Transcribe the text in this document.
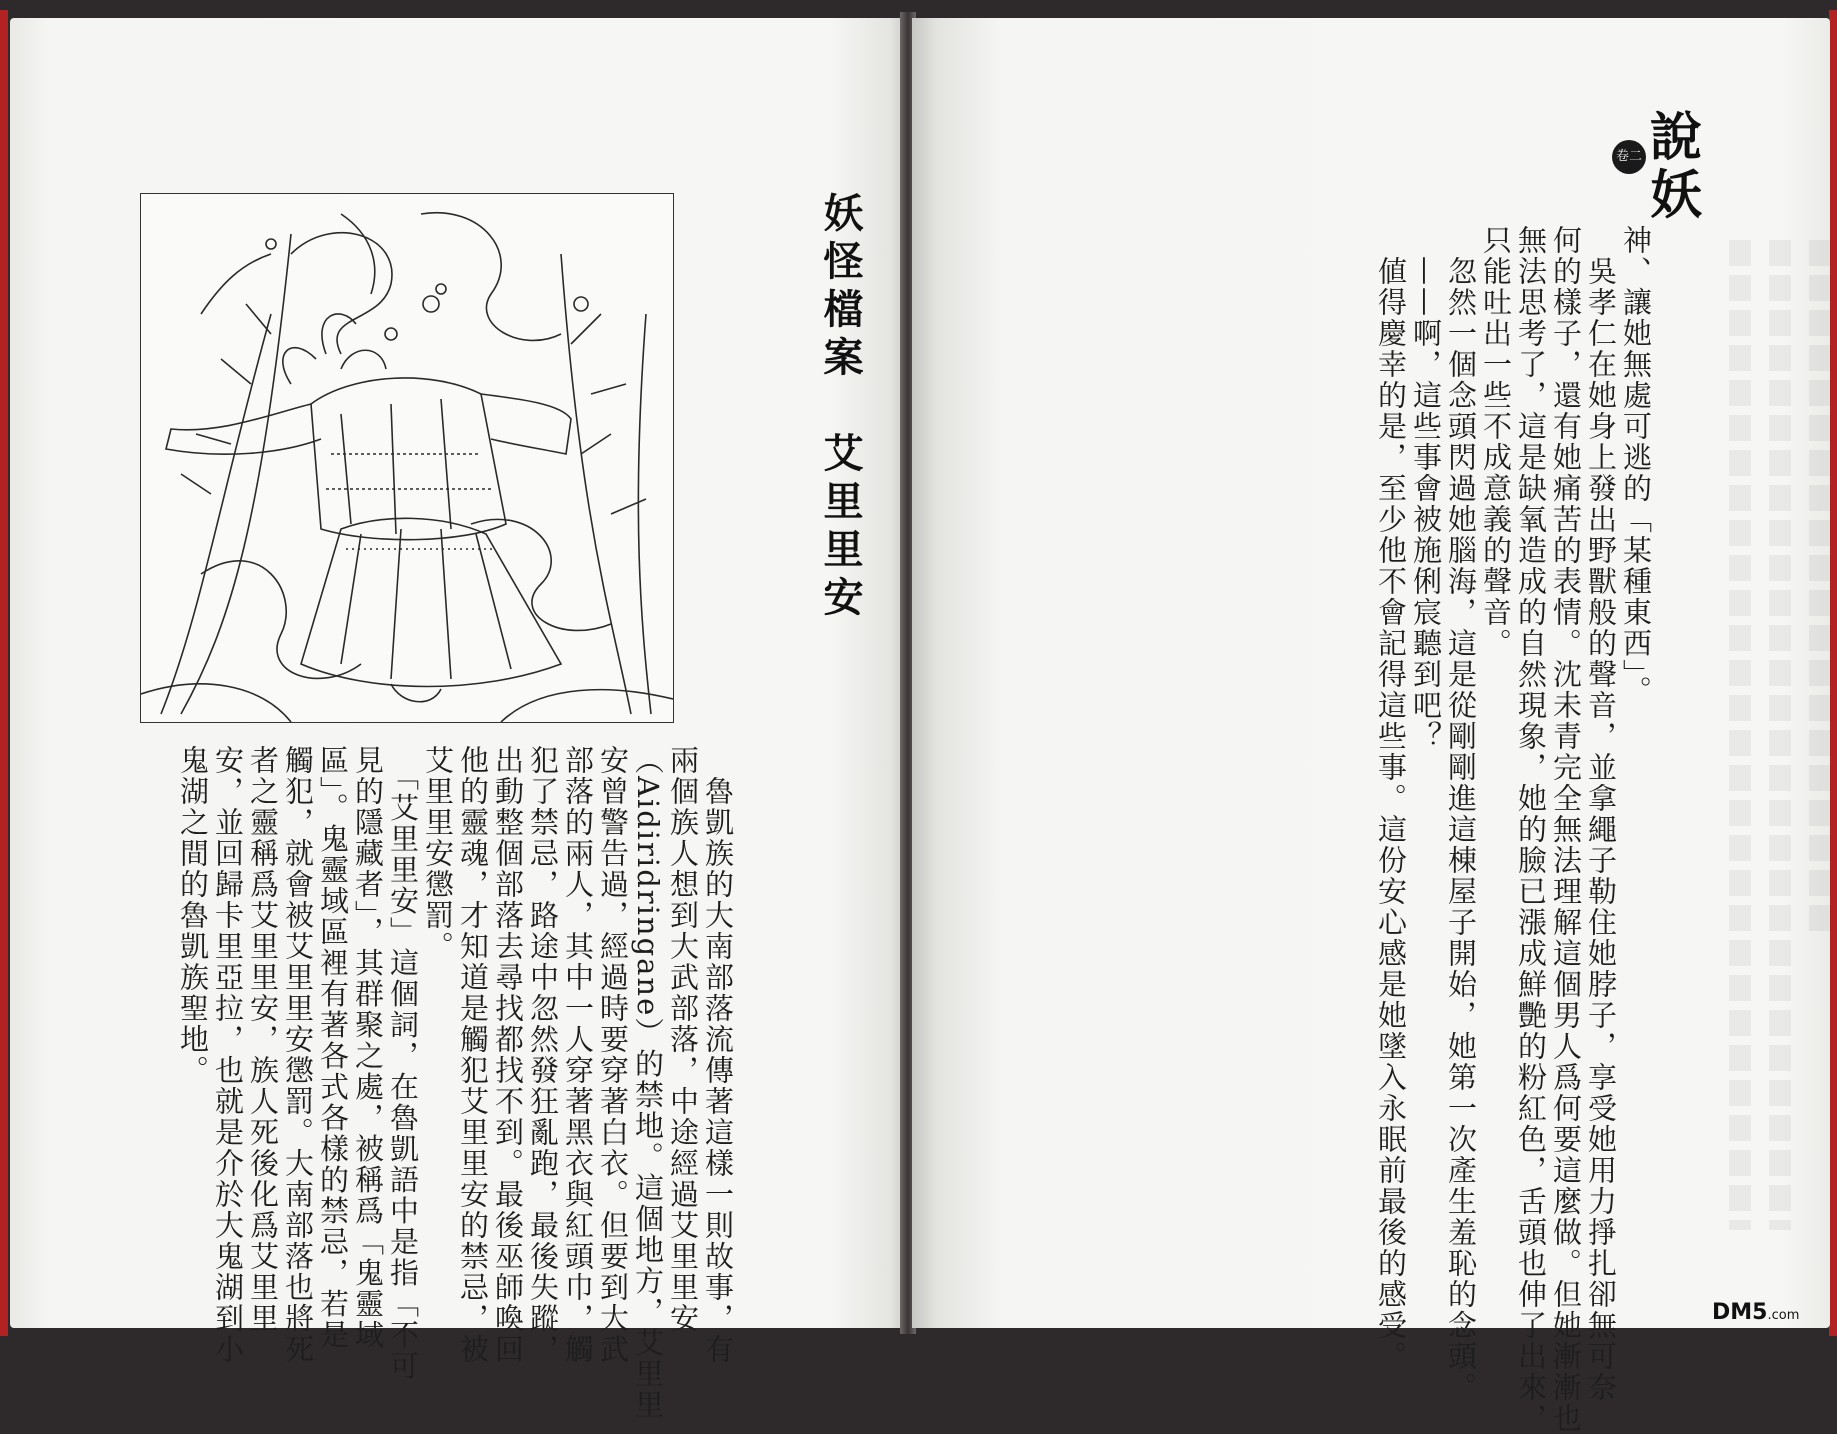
妖怪檔案　艾里里安
　魯凱族的大南部落流傳著這樣一則故事，有
兩個族人想到大武部落，中途經過艾里里安
（Aidiridringane）的禁地。這個地方，艾里里
安曾警告過，經過時要穿著白衣。但要到大武
部落的兩人，其中一人穿著黑衣與紅頭巾，觸
犯了禁忌，路途中忽然發狂亂跑，最後失蹤，
出動整個部落去尋找都找不到。最後巫師喚回
他的靈魂，才知道是觸犯艾里里安的禁忌，被
艾里里安懲罰。
　「艾里里安」這個詞，在魯凱語中是指「不可
見的隱藏者」，其群聚之處，被稱爲「鬼靈域
區」。鬼靈域區裡有著各式各樣的禁忌，若是
觸犯，就會被艾里里安懲罰。大南部落也將死
者之靈稱爲艾里里安，族人死後化爲艾里里
安，並回歸卡里亞拉，也就是介於大鬼湖到小
鬼湖之間的魯凱族聖地。
說
妖
卷二
神、讓她無處可逃的「某種東西」。
　吳孝仁在她身上發出野獸般的聲音，並拿繩子勒住她脖子，享受她用力掙扎卻無可奈
何的樣子，還有她痛苦的表情。沈未青完全無法理解這個男人爲何要這麼做。但她漸漸也
無法思考了，這是缺氧造成的自然現象，她的臉已漲成鮮艷的粉紅色，舌頭也伸了出來，
只能吐出一些不成意義的聲音。
　忽然一個念頭閃過她腦海，這是從剛剛進這棟屋子開始，她第一次產生羞恥的念頭。
　——啊，這些事會被施俐宸聽到吧？
　値得慶幸的是，至少他不會記得這些事。這份安心感是她墜入永眠前最後的感受。	DM5.com
